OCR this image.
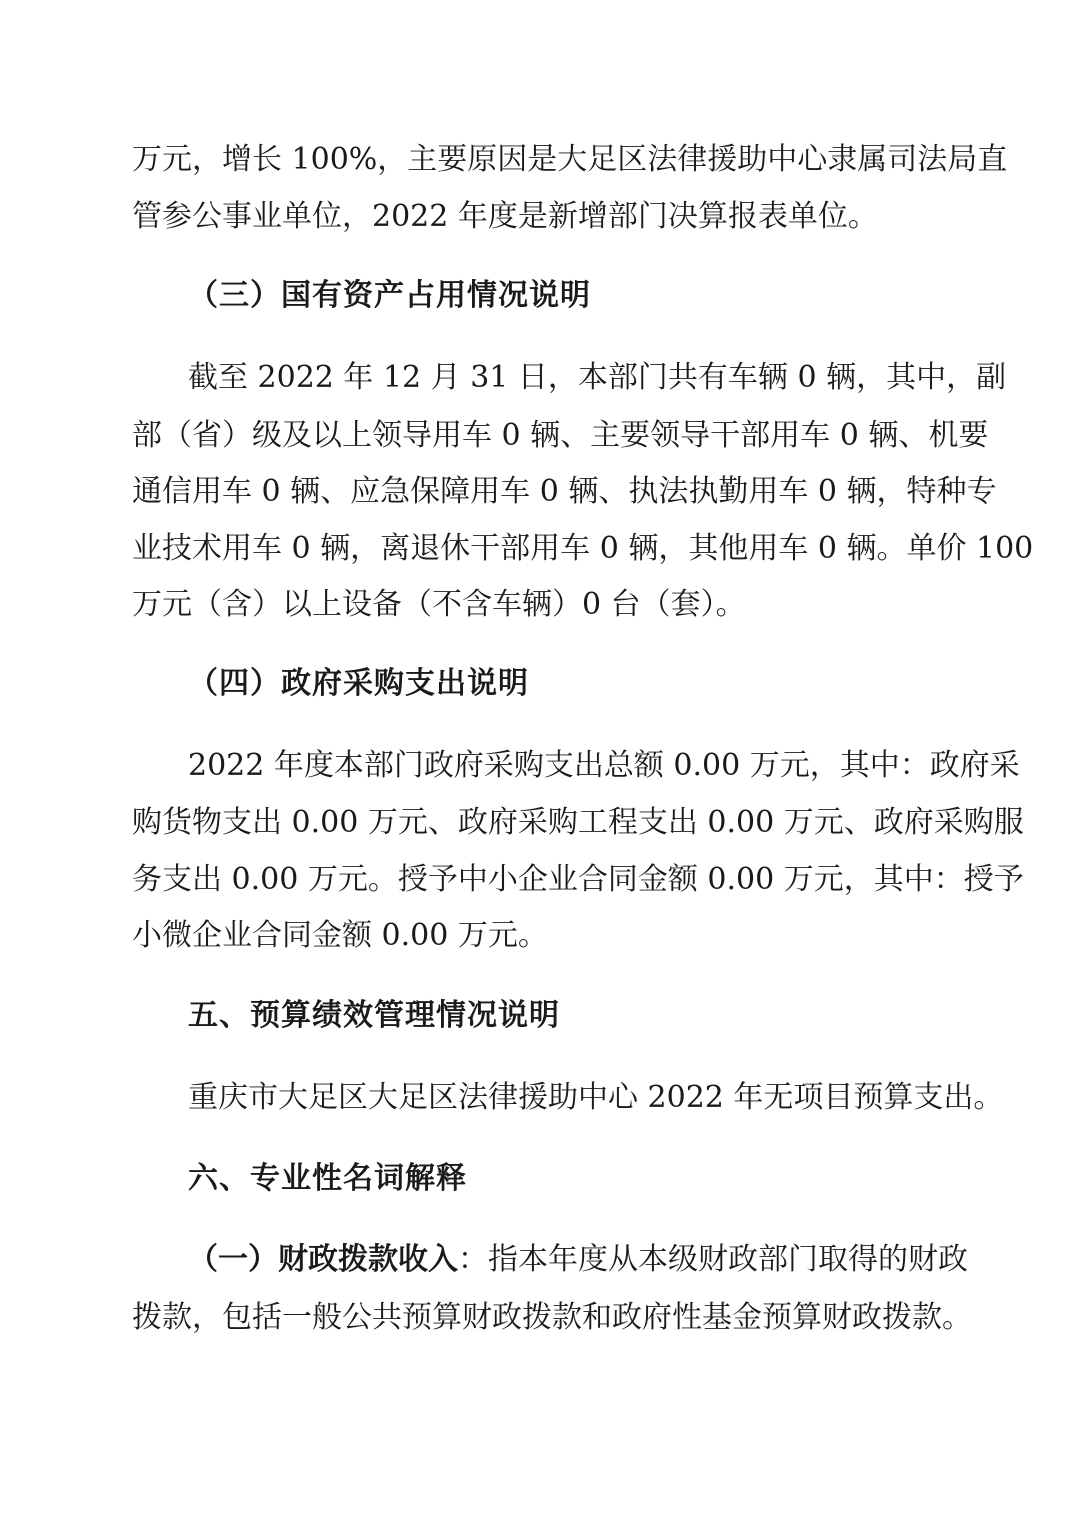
万元，增长 100%，主要原因是大足区法律援助中心隶属司法局直
管参公事业单位，2022 年度是新增部门决算报表单位。
（三）国有资产占用情况说明
截至 2022 年 12 月 31 日，本部门共有车辆 0 辆，其中，副
部（省）级及以上领导用车 0 辆、主要领导干部用车 0 辆、机要
通信用车 0 辆、应急保障用车 0 辆、执法执勤用车 0 辆，特种专
业技术用车 0 辆，离退休干部用车 0 辆，其他用车 0 辆。单价 100
万元（含）以上设备（不含车辆）0 台（套）。
（四）政府采购支出说明
2022 年度本部门政府采购支出总额 0.00 万元，其中：政府采
购货物支出 0.00 万元、政府采购工程支出 0.00 万元、政府采购服
务支出 0.00 万元。授予中小企业合同金额 0.00 万元，其中：授予
小微企业合同金额 0.00 万元。
五、预算绩效管理情况说明
重庆市大足区大足区法律援助中心 2022 年无项目预算支出。
六、专业性名词解释
（一）财政拨款收入：指本年度从本级财政部门取得的财政
拨款，包括一般公共预算财政拨款和政府性基金预算财政拨款。
